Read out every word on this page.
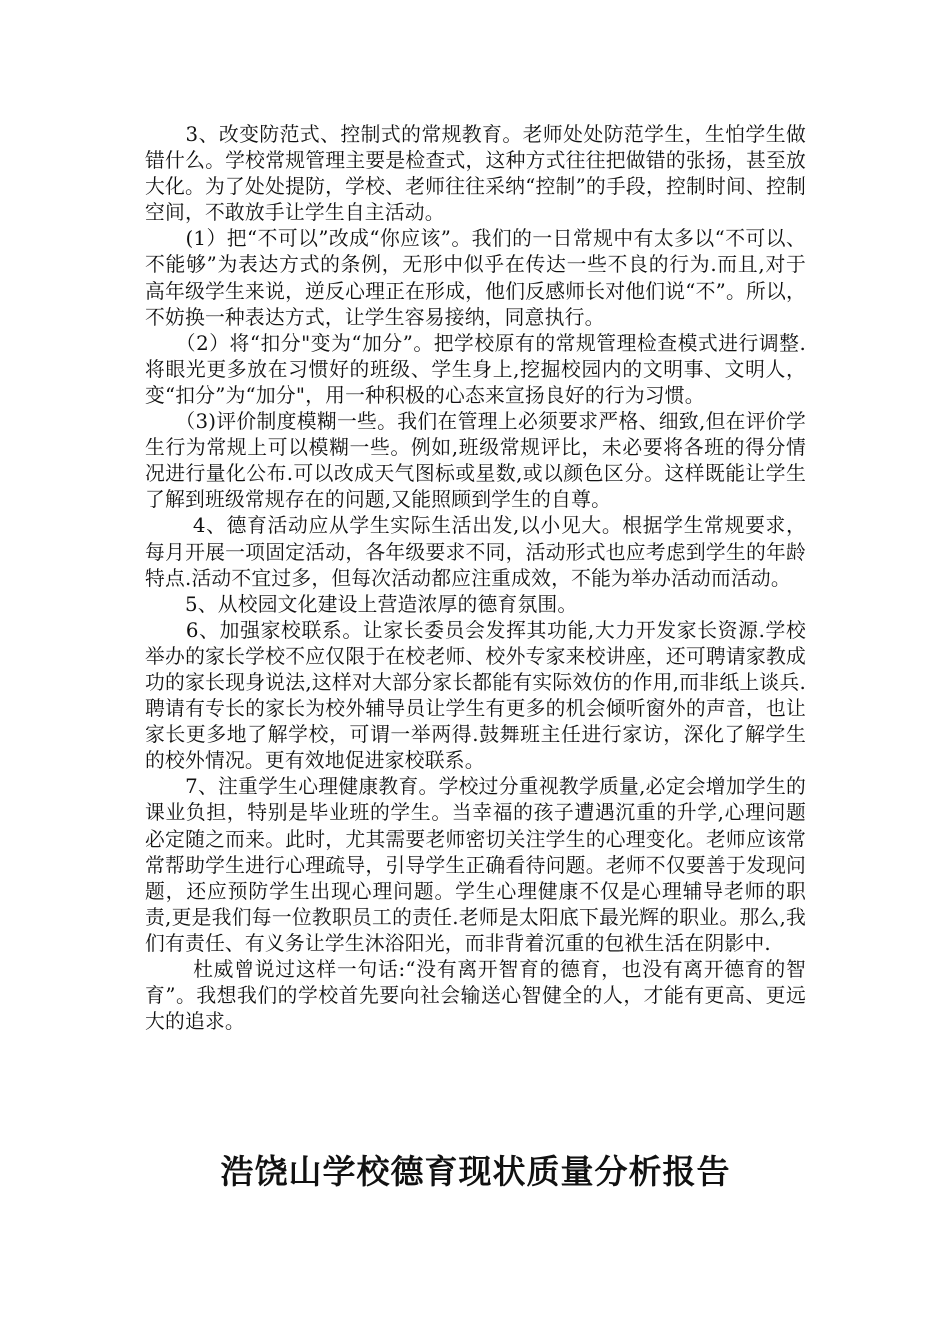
　　3、改变防范式、控制式的常规教育。老师处处防范学生，生怕学生做错什么。学校常规管理主要是检查式，这种方式往往把做错的张扬，甚至放大化。为了处处提防，学校、老师往往采纳“控制”的手段，控制时间、控制空间，不敢放手让学生自主活动。

　　(1）把“不可以”改成“你应该”。我们的一日常规中有太多以“不可以、不能够”为表达方式的条例，无形中似乎在传达一些不良的行为.而且,对于高年级学生来说，逆反心理正在形成，他们反感师长对他们说“不”。所以，不妨换一种表达方式，让学生容易接纳，同意执行。

　　（2）将“扣分"变为“加分”。把学校原有的常规管理检查模式进行调整.将眼光更多放在习惯好的班级、学生身上,挖掘校园内的文明事、文明人，变“扣分”为“加分"，用一种积极的心态来宣扬良好的行为习惯。

　　（3)评价制度模糊一些。我们在管理上必须要求严格、细致,但在评价学生行为常规上可以模糊一些。例如,班级常规评比，未必要将各班的得分情况进行量化公布.可以改成天气图标或星数,或以颜色区分。这样既能让学生了解到班级常规存在的问题,又能照顾到学生的自尊。

　　 4、德育活动应从学生实际生活出发,以小见大。根据学生常规要求，每月开展一项固定活动，各年级要求不同，活动形式也应考虑到学生的年龄特点.活动不宜过多，但每次活动都应注重成效，不能为举办活动而活动。

　　5、从校园文化建设上营造浓厚的德育氛围。

　　6、加强家校联系。让家长委员会发挥其功能,大力开发家长资源.学校举办的家长学校不应仅限于在校老师、校外专家来校讲座，还可聘请家教成功的家长现身说法,这样对大部分家长都能有实际效仿的作用,而非纸上谈兵.聘请有专长的家长为校外辅导员让学生有更多的机会倾听窗外的声音，也让家长更多地了解学校，可谓一举两得.鼓舞班主任进行家访，深化了解学生的校外情况。更有效地促进家校联系。

　　7、注重学生心理健康教育。学校过分重视教学质量,必定会增加学生的课业负担，特别是毕业班的学生。当幸福的孩子遭遇沉重的升学,心理问题必定随之而来。此时，尤其需要老师密切关注学生的心理变化。老师应该常常帮助学生进行心理疏导，引导学生正确看待问题。老师不仅要善于发现问题，还应预防学生出现心理问题。学生心理健康不仅是心理辅导老师的职责,更是我们每一位教职员工的责任.老师是太阳底下最光辉的职业。那么,我们有责任、有义务让学生沐浴阳光，而非背着沉重的包袱生活在阴影中.

　　 杜威曾说过这样一句话:“没有离开智育的德育，也没有离开德育的智育”。我想我们的学校首先要向社会输送心智健全的人，才能有更高、更远大的追求。

浩饶山学校德育现状质量分析报告
